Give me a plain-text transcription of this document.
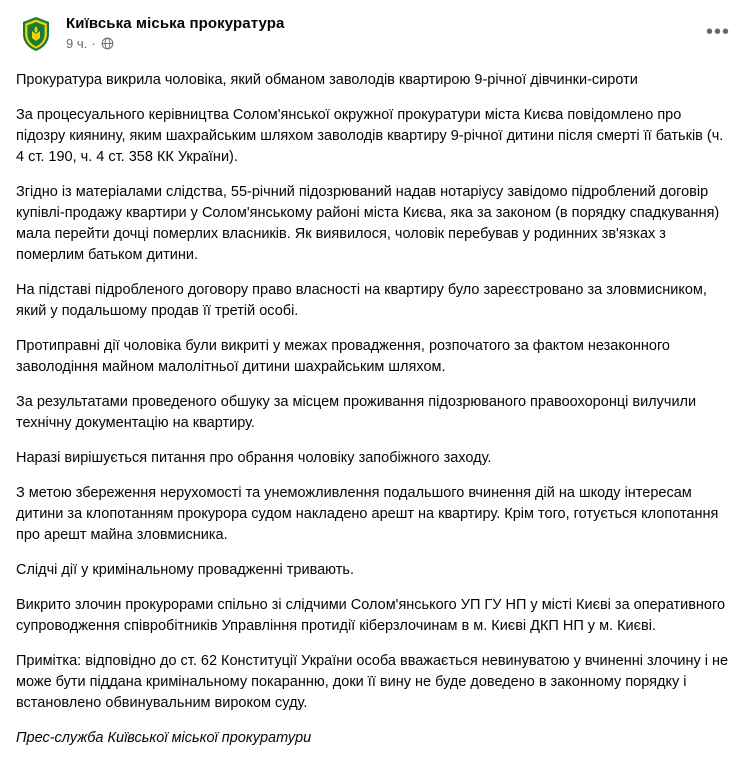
Київська міська прокуратура
9 ч. ·
•••

Прокуратура викрила чоловіка, який обманом заволодів квартирою 9-річної дівчинки-сироти

За процесуального керівництва Солом'янської окружної прокуратури міста Києва повідомлено про підозру киянину, яким шахрайським шляхом заволодів квартиру 9-річної дитини після смерті її батьків (ч. 4 ст. 190, ч. 4 ст. 358 КК України).

Згідно із матеріалами слідства, 55-річний підозрюваний надав нотаріусу завідомо підроблений договір купівлі-продажу квартири у Солом'янському районі міста Києва, яка за законом (в порядку спадкування) мала перейти дочці померлих власників. Як виявилося, чоловік перебував у родинних зв'язках з померлим батьком дитини.

На підставі підробленого договору право власності на квартиру було зареєстровано за зловмисником, який у подальшому продав її третій особі.

Протиправні дії чоловіка були викриті у межах провадження, розпочатого за фактом незаконного заволодіння майном малолітньої дитини шахрайським шляхом.

За результатами проведеного обшуку за місцем проживання підозрюваного правоохоронці вилучили технічну документацію на квартиру.

Наразі вирішується питання про обрання чоловіку запобіжного заходу.

З метою збереження нерухомості та унеможливлення подальшого вчинення дій на шкоду інтересам дитини за клопотанням прокурора судом накладено арешт на квартиру. Крім того, готується клопотання про арешт майна зловмисника.

Слідчі дії у кримінальному провадженні тривають.

Викрито злочин прокурорами спільно зі слідчими Солом'янського УП ГУ НП у місті Києві за оперативного супроводження співробітників Управління протидії кіберзлочинам в м. Києві ДКП НП у м. Києві.

Примітка: відповідно до ст. 62 Конституції України особа вважається невинуватою у вчиненні злочину і не може бути піддана кримінальному покаранню, доки її вину не буде доведено в законному порядку і встановлено обвинувальним вироком суду.

Прес-служба Київської міської прокуратури
